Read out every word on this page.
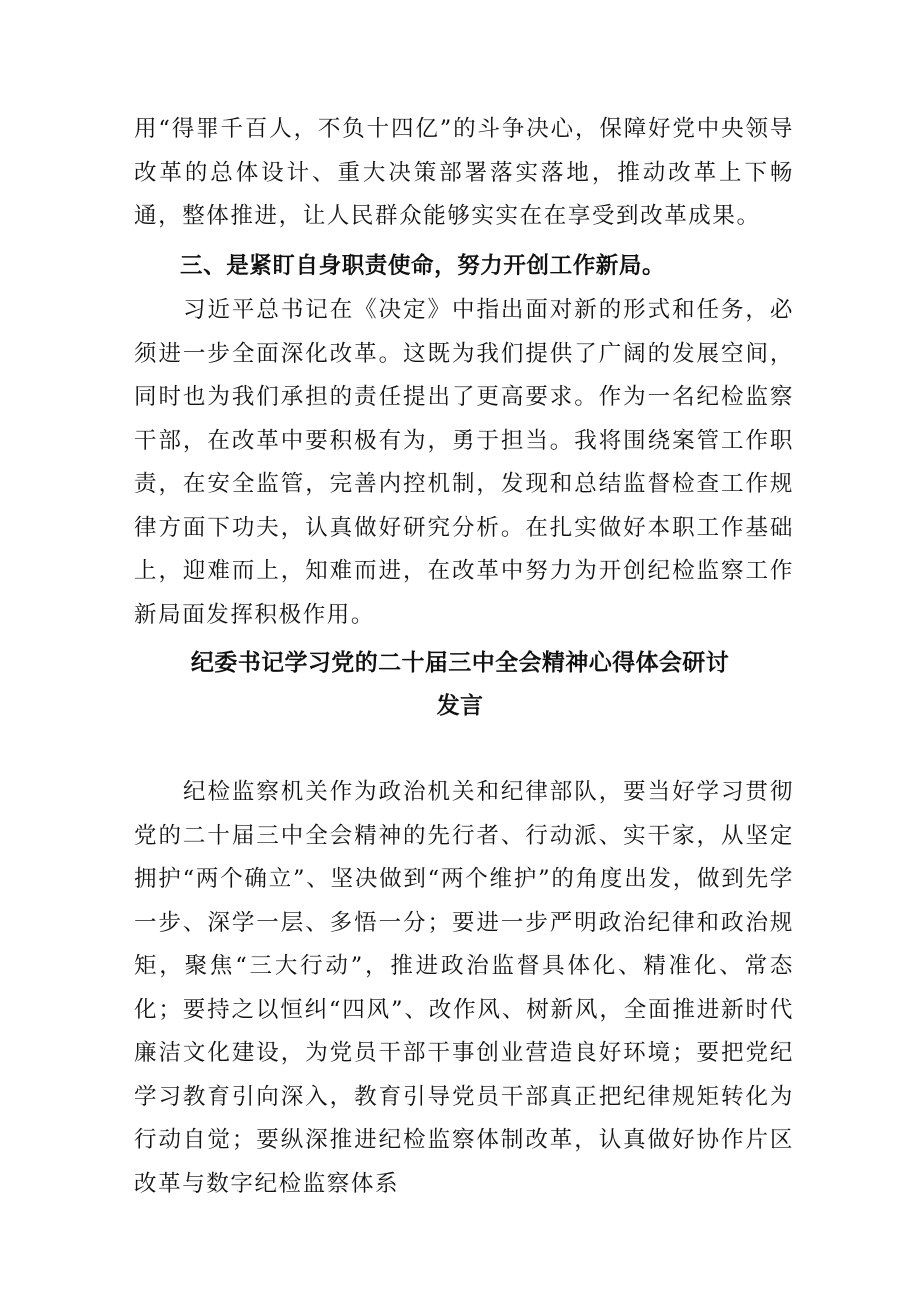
用“得罪千百人，不负十四亿”的斗争决心，保障好党中央领导改革的总体设计、重大决策部署落实落地，推动改革上下畅通，整体推进，让人民群众能够实实在在享受到改革成果。

三、是紧盯自身职责使命，努力开创工作新局。

习近平总书记在《决定》中指出面对新的形式和任务，必须进一步全面深化改革。这既为我们提供了广阔的发展空间，同时也为我们承担的责任提出了更高要求。作为一名纪检监察干部，在改革中要积极有为，勇于担当。我将围绕案管工作职责，在安全监管，完善内控机制，发现和总结监督检查工作规律方面下功夫，认真做好研究分析。在扎实做好本职工作基础上，迎难而上，知难而进，在改革中努力为开创纪检监察工作新局面发挥积极作用。

纪委书记学习党的二十届三中全会精神心得体会研讨
发言

纪检监察机关作为政治机关和纪律部队，要当好学习贯彻党的二十届三中全会精神的先行者、行动派、实干家，从坚定拥护“两个确立”、坚决做到“两个维护”的角度出发，做到先学一步、深学一层、多悟一分；要进一步严明政治纪律和政治规矩，聚焦“三大行动”，推进政治监督具体化、精准化、常态化；要持之以恒纠“四风”、改作风、树新风，全面推进新时代廉洁文化建设，为党员干部干事创业营造良好环境；要把党纪学习教育引向深入，教育引导党员干部真正把纪律规矩转化为行动自觉；要纵深推进纪检监察体制改革，认真做好协作片区改革与数字纪检监察体系
